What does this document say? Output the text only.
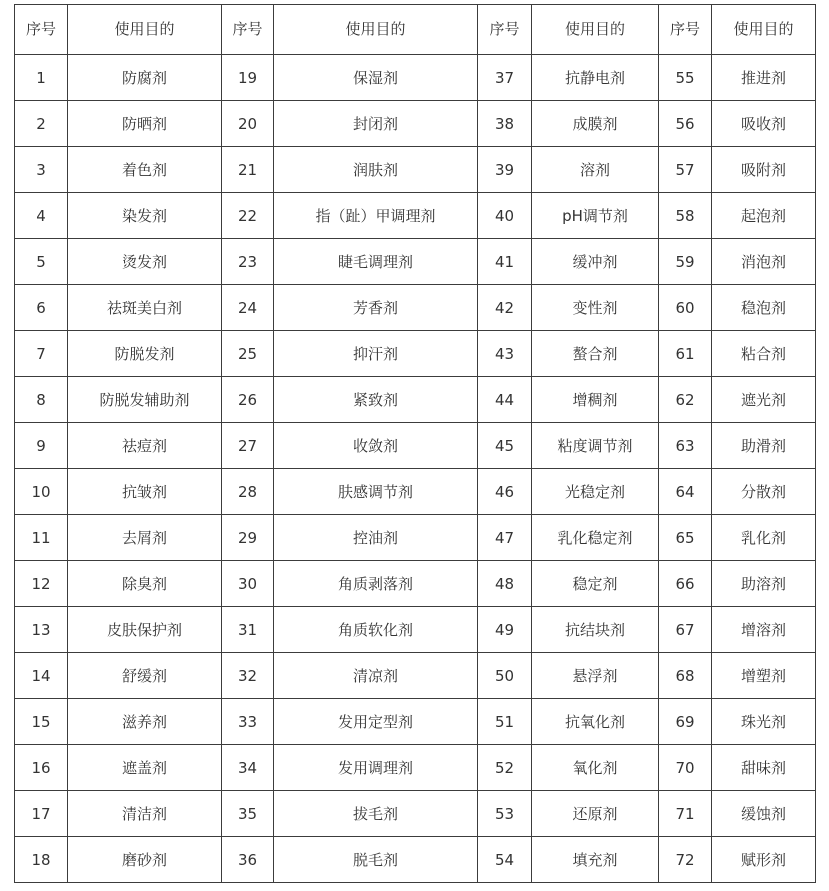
序号	使用目的	序号	使用目的	序号	使用目的	序号	使用目的
1	防腐剂	19	保湿剂	37	抗静电剂	55	推进剂
2	防晒剂	20	封闭剂	38	成膜剂	56	吸收剂
3	着色剂	21	润肤剂	39	溶剂	57	吸附剂
4	染发剂	22	指（趾）甲调理剂	40	pH调节剂	58	起泡剂
5	烫发剂	23	睫毛调理剂	41	缓冲剂	59	消泡剂
6	祛斑美白剂	24	芳香剂	42	变性剂	60	稳泡剂
7	防脱发剂	25	抑汗剂	43	螯合剂	61	粘合剂
8	防脱发辅助剂	26	紧致剂	44	增稠剂	62	遮光剂
9	祛痘剂	27	收敛剂	45	粘度调节剂	63	助滑剂
10	抗皱剂	28	肤感调节剂	46	光稳定剂	64	分散剂
11	去屑剂	29	控油剂	47	乳化稳定剂	65	乳化剂
12	除臭剂	30	角质剥落剂	48	稳定剂	66	助溶剂
13	皮肤保护剂	31	角质软化剂	49	抗结块剂	67	增溶剂
14	舒缓剂	32	清凉剂	50	悬浮剂	68	增塑剂
15	滋养剂	33	发用定型剂	51	抗氧化剂	69	珠光剂
16	遮盖剂	34	发用调理剂	52	氧化剂	70	甜味剂
17	清洁剂	35	拔毛剂	53	还原剂	71	缓蚀剂
18	磨砂剂	36	脱毛剂	54	填充剂	72	赋形剂
